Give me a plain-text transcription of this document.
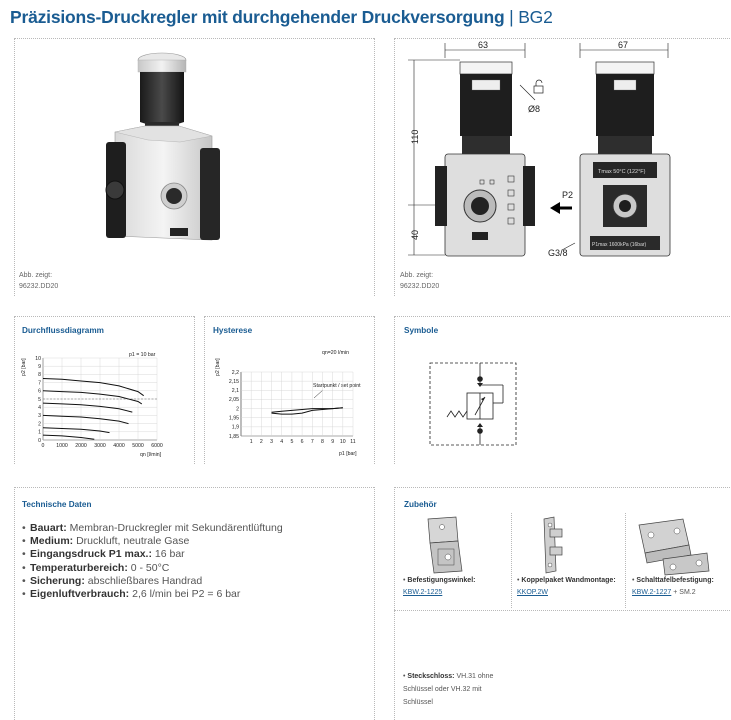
Präzisions-Druckregler mit durchgehender Druckversorgung | BG2
Abb. zeigt:
96232.DD20
63	67
110
40
Ø8
Tmax 50°C (122°F)
P1max 1600kPa (16bar)
P2
G3/8
Abb. zeigt:
96232.DD20
Durchflussdiagramm
p1 = 10 bar
p2 [bar]
qn [l/min]
0
1
2
3
4
5
6
7
8
9
10
0 1000 2000 3000 4000 5000 6000
Hysterese
qn=20 l/min
Startpunkt / set point
p2 [bar]
p1 [bar]
1,85
1,9
1,95
2
2,05
2,1
2,15
2,2
1 2 3 4 5 6 7 8 9 10 11
Symbole
Technische Daten
• Bauart: Membran-Druckregler mit Sekundärentlüftung
• Medium: Druckluft, neutrale Gase
• Eingangsdruck P1 max.: 16 bar
• Temperaturbereich: 0 - 50°C
• Sicherung: abschließbares Handrad
• Eigenluftverbrauch: 2,6 l/min bei P2 = 6 bar
Zubehör
• Befestigungswinkel:
KBW.2-1225
• Koppelpaket Wandmontage:
KKOP.2W
• Schalttafelbefestigung:
KBW.2-1227 + SM.2
• Steckschloss: VH.31 ohne Schlüssel oder VH.32 mit Schlüssel
